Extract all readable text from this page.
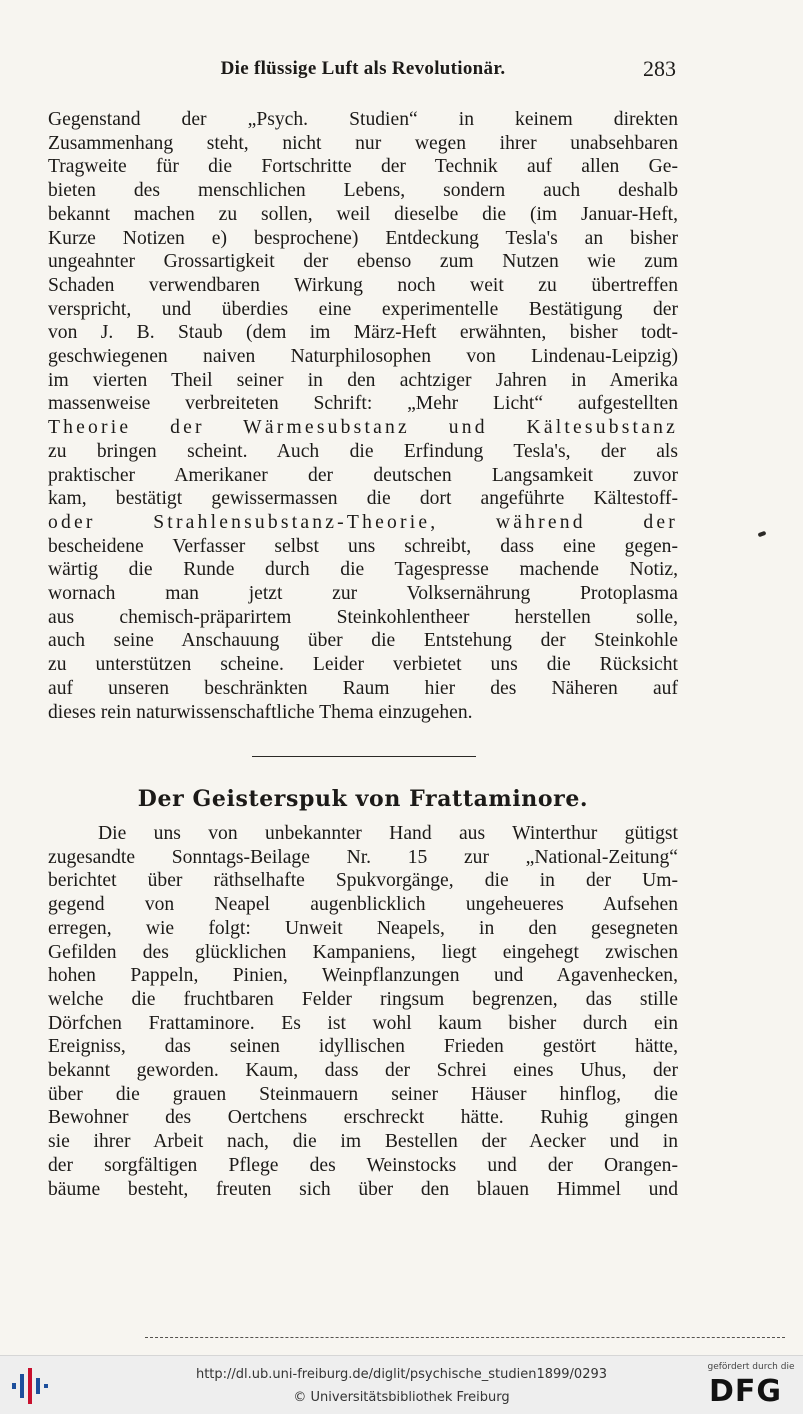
Die flüssige Luft als Revolutionär.	283
Gegenstand der „Psych. Studien“ in keinem direkten
Zusammenhang steht, nicht nur wegen ihrer unabsehbaren
Tragweite für die Fortschritte der Technik auf allen Ge-
bieten des menschlichen Lebens, sondern auch deshalb
bekannt machen zu sollen, weil dieselbe die (im Januar-Heft,
Kurze Notizen e) besprochene) Entdeckung Tesla's an bisher
ungeahnter Grossartigkeit der ebenso zum Nutzen wie zum
Schaden verwendbaren Wirkung noch weit zu übertreffen
verspricht, und überdies eine experimentelle Bestätigung der
von J. B. Staub (dem im März-Heft erwähnten, bisher todt-
geschwiegenen naiven Naturphilosophen von Lindenau-Leipzig)
im vierten Theil seiner in den achtziger Jahren in Amerika
massenweise verbreiteten Schrift: „Mehr Licht“ aufgestellten
Theorie der Wärmesubstanz und Kältesubstanz
zu bringen scheint. Auch die Erfindung Tesla's, der als
praktischer Amerikaner der deutschen Langsamkeit zuvor
kam, bestätigt gewissermassen die dort angeführte Kältestoff-
oder Strahlensubstanz-Theorie, während der
bescheidene Verfasser selbst uns schreibt, dass eine gegen-
wärtig die Runde durch die Tagespresse machende Notiz,
wornach man jetzt zur Volksernährung Protoplasma
aus chemisch-präparirtem Steinkohlentheer herstellen solle,
auch seine Anschauung über die Entstehung der Steinkohle
zu unterstützen scheine. Leider verbietet uns die Rücksicht
auf unseren beschränkten Raum hier des Näheren auf
dieses rein naturwissenschaftliche Thema einzugehen.
Der Geisterspuk von Frattaminore.
Die uns von unbekannter Hand aus Winterthur gütigst
zugesandte Sonntags-Beilage Nr. 15 zur „National-Zeitung“
berichtet über räthselhafte Spukvorgänge, die in der Um-
gegend von Neapel augenblicklich ungeheueres Aufsehen
erregen, wie folgt: Unweit Neapels, in den gesegneten
Gefilden des glücklichen Kampaniens, liegt eingehegt zwischen
hohen Pappeln, Pinien, Weinpflanzungen und Agavenhecken,
welche die fruchtbaren Felder ringsum begrenzen, das stille
Dörfchen Frattaminore. Es ist wohl kaum bisher durch ein
Ereigniss, das seinen idyllischen Frieden gestört hätte,
bekannt geworden. Kaum, dass der Schrei eines Uhus, der
über die grauen Steinmauern seiner Häuser hinflog, die
Bewohner des Oertchens erschreckt hätte. Ruhig gingen
sie ihrer Arbeit nach, die im Bestellen der Aecker und in
der sorgfältigen Pflege des Weinstocks und der Orangen-
bäume besteht, freuten sich über den blauen Himmel und
http://dl.ub.uni-freiburg.de/diglit/psychische_studien1899/0293
© Universitätsbibliothek Freiburg
gefördert durch die
DFG
